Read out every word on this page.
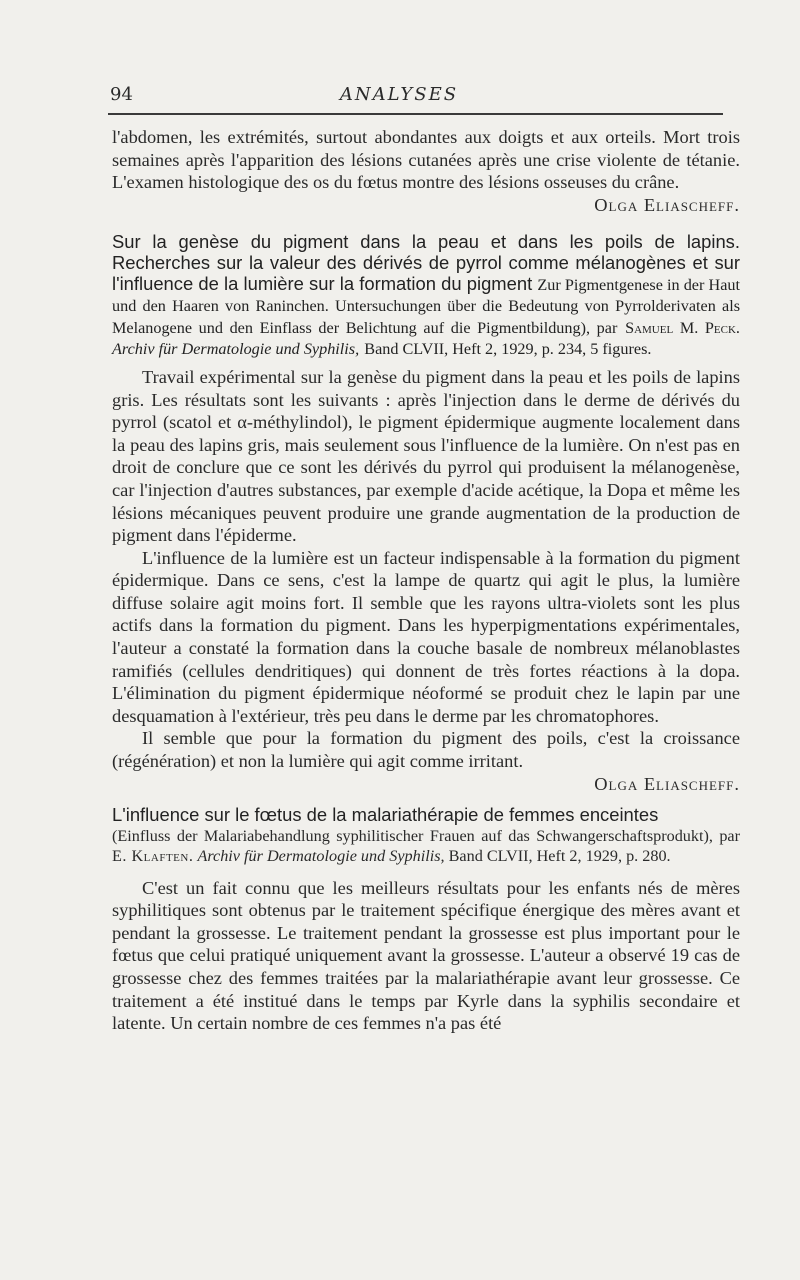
94	ANALYSES

l'abdomen, les extrémités, surtout abondantes aux doigts et aux orteils. Mort trois semaines après l'apparition des lésions cutanées après une crise violente de tétanie. L'examen histologique des os du fœtus montre des lésions osseuses du crâne.

Olga Eliascheff.

Sur la genèse du pigment dans la peau et dans les poils de lapins. Recherches sur la valeur des dérivés de pyrrol comme mélanogènes et sur l'influence de la lumière sur la formation du pigment Zur Pigmentgenese in der Haut und den Haaren von Raninchen. Untersuchungen über die Bedeutung von Pyrrolderivaten als Melanogene und den Einflass der Belichtung auf die Pigmentbildung), par Samuel M. Peck. Archiv für Dermatologie und Syphilis, Band CLVII, Heft 2, 1929, p. 234, 5 figures.

Travail expérimental sur la genèse du pigment dans la peau et les poils de lapins gris. Les résultats sont les suivants : après l'injection dans le derme de dérivés du pyrrol (scatol et α-méthylindol), le pigment épidermique augmente localement dans la peau des lapins gris, mais seulement sous l'influence de la lumière. On n'est pas en droit de conclure que ce sont les dérivés du pyrrol qui produisent la mélanogenèse, car l'injection d'autres substances, par exemple d'acide acétique, la Dopa et même les lésions mécaniques peuvent produire une grande augmentation de la production de pigment dans l'épiderme.

L'influence de la lumière est un facteur indispensable à la formation du pigment épidermique. Dans ce sens, c'est la lampe de quartz qui agit le plus, la lumière diffuse solaire agit moins fort. Il semble que les rayons ultra-violets sont les plus actifs dans la formation du pigment. Dans les hyperpigmentations expérimentales, l'auteur a constaté la formation dans la couche basale de nombreux mélanoblastes ramifiés (cellules dendritiques) qui donnent de très fortes réactions à la dopa. L'élimination du pigment épidermique néoformé se produit chez le lapin par une desquamation à l'extérieur, très peu dans le derme par les chromatophores.

Il semble que pour la formation du pigment des poils, c'est la croissance (régénération) et non la lumière qui agit comme irritant.

Olga Eliascheff.

L'influence sur le fœtus de la malariathérapie de femmes enceintes

(Einfluss der Malariabehandlung syphilitischer Frauen auf das Schwangerschaftsprodukt), par E. Klaften. Archiv für Dermatologie und Syphilis, Band CLVII, Heft 2, 1929, p. 280.

C'est un fait connu que les meilleurs résultats pour les enfants nés de mères syphilitiques sont obtenus par le traitement spécifique énergique des mères avant et pendant la grossesse. Le traitement pendant la grossesse est plus important pour le fœtus que celui pratiqué uniquement avant la grossesse. L'auteur a observé 19 cas de grossesse chez des femmes traitées par la malariathérapie avant leur grossesse. Ce traitement a été institué dans le temps par Kyrle dans la syphilis secondaire et latente. Un certain nombre de ces femmes n'a pas été
